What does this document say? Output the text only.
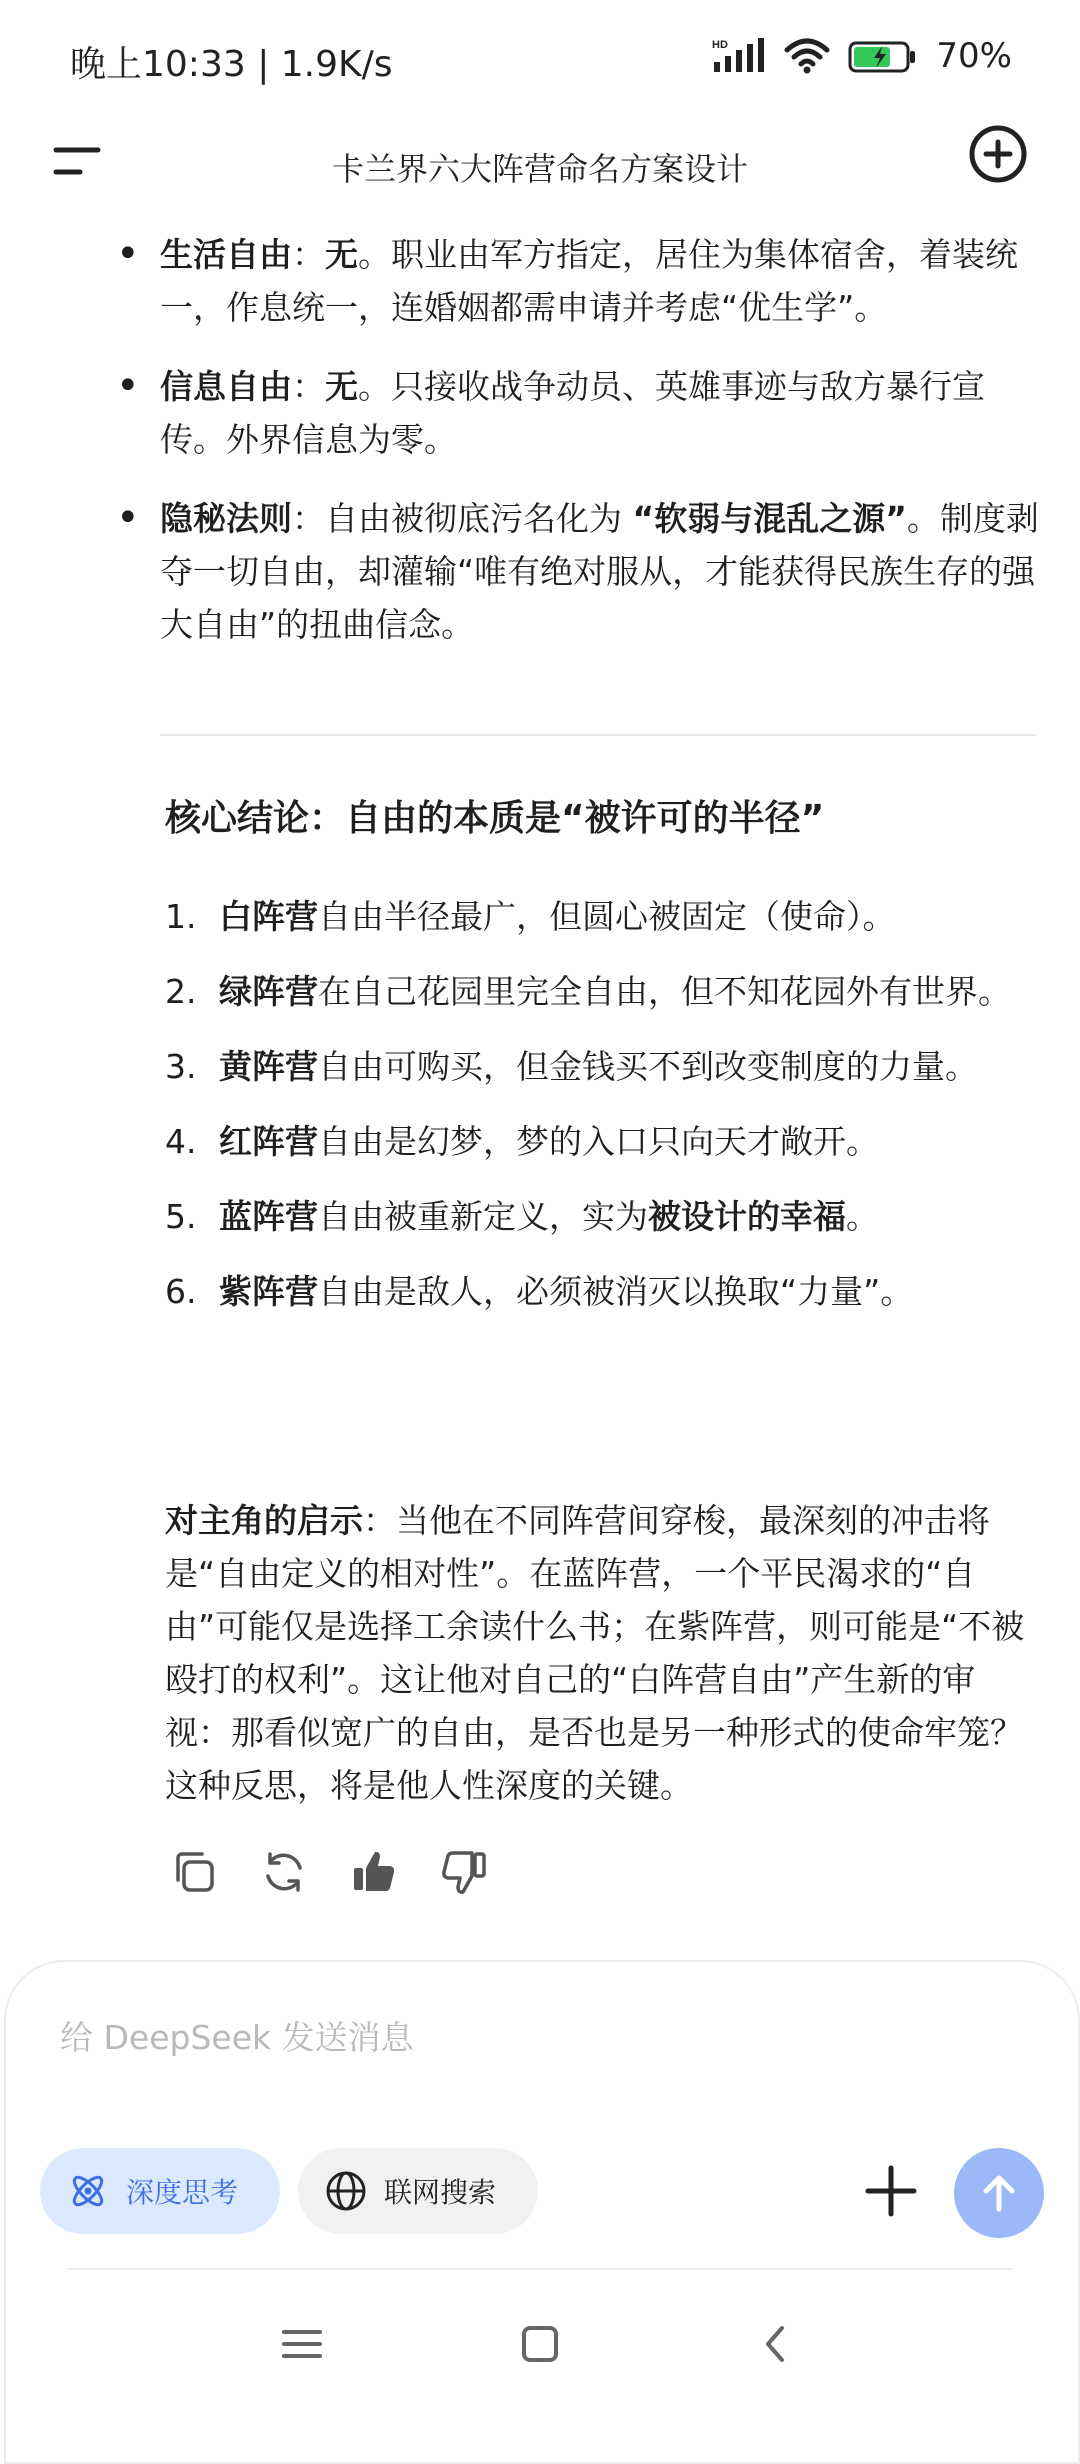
晚上10:33 | 1.9K/s	HD	70%
卡兰界六大阵营命名方案设计
• 生活自由：无。职业由军方指定，居住为集体宿舍，着装统一，作息统一，连婚姻都需申请并考虑“优生学”。
• 信息自由：无。只接收战争动员、英雄事迹与敌方暴行宣传。外界信息为零。
• 隐秘法则：自由被彻底污名化为 “软弱与混乱之源”。制度剥夺一切自由，却灌输“唯有绝对服从，才能获得民族生存的强大自由”的扭曲信念。
核心结论：自由的本质是“被许可的半径”
1. 白阵营自由半径最广，但圆心被固定（使命）。
2. 绿阵营在自己花园里完全自由，但不知花园外有世界。
3. 黄阵营自由可购买，但金钱买不到改变制度的力量。
4. 红阵营自由是幻梦，梦的入口只向天才敞开。
5. 蓝阵营自由被重新定义，实为被设计的幸福。
6. 紫阵营自由是敌人，必须被消灭以换取“力量”。
对主角的启示：当他在不同阵营间穿梭，最深刻的冲击将是“自由定义的相对性”。在蓝阵营，一个平民渴求的“自由”可能仅是选择工余读什么书；在紫阵营，则可能是“不被殴打的权利”。这让他对自己的“白阵营自由”产生新的审视：那看似宽广的自由，是否也是另一种形式的使命牢笼？这种反思，将是他人性深度的关键。
给 DeepSeek 发送消息
深度思考	联网搜索
